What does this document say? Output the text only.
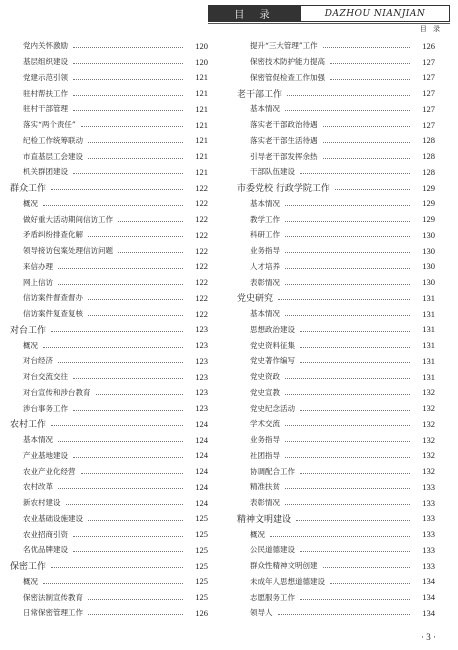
目 录	DAZHOU NIANJIAN
目 录
党内关怀激励	120
基层组织建设	120
党建示范引领	121
驻村帮扶工作	121
驻村干部管理	121
落实“两个责任”	121
纪检工作统筹联动	121
市直基层工会建设	121
机关群团建设	121
群众工作	122
概况	122
做好重大活动期间信访工作	122
矛盾纠纷排查化解	122
领导接访包案处理信访问题	122
来信办理	122
网上信访	122
信访案件督查督办	122
信访案件复查复核	122
对台工作	123
概况	123
对台经济	123
对台交流交往	123
对台宣传和涉台教育	123
涉台事务工作	123
农村工作	124
基本情况	124
产业基地建设	124
农业产业化经营	124
农村改革	124
新农村建设	124
农业基础设施建设	125
农业招商引资	125
名优品牌建设	125
保密工作	125
概况	125
保密法制宣传教育	125
日常保密管理工作	126
提升“三大管理”工作	126
保密技术防护能力提高	127
保密管促检查工作加强	127
老干部工作	127
基本情况	127
落实老干部政治待遇	127
落实老干部生活待遇	128
引导老干部发挥余热	128
干部队伍建设	128
市委党校 行政学院工作	129
基本情况	129
教学工作	129
科研工作	130
业务指导	130
人才培养	130
表彰情况	130
党史研究	131
基本情况	131
思想政治建设	131
党史资料征集	131
党史著作编写	131
党史资政	131
党史宣教	132
党史纪念活动	132
学术交流	132
业务指导	132
社团指导	132
协调配合工作	132
精准扶贫	133
表彰情况	133
精神文明建设	133
概况	133
公民道德建设	133
群众性精神文明创建	133
未成年人思想道德建设	134
志愿服务工作	134
领导人	134
· 3 ·
